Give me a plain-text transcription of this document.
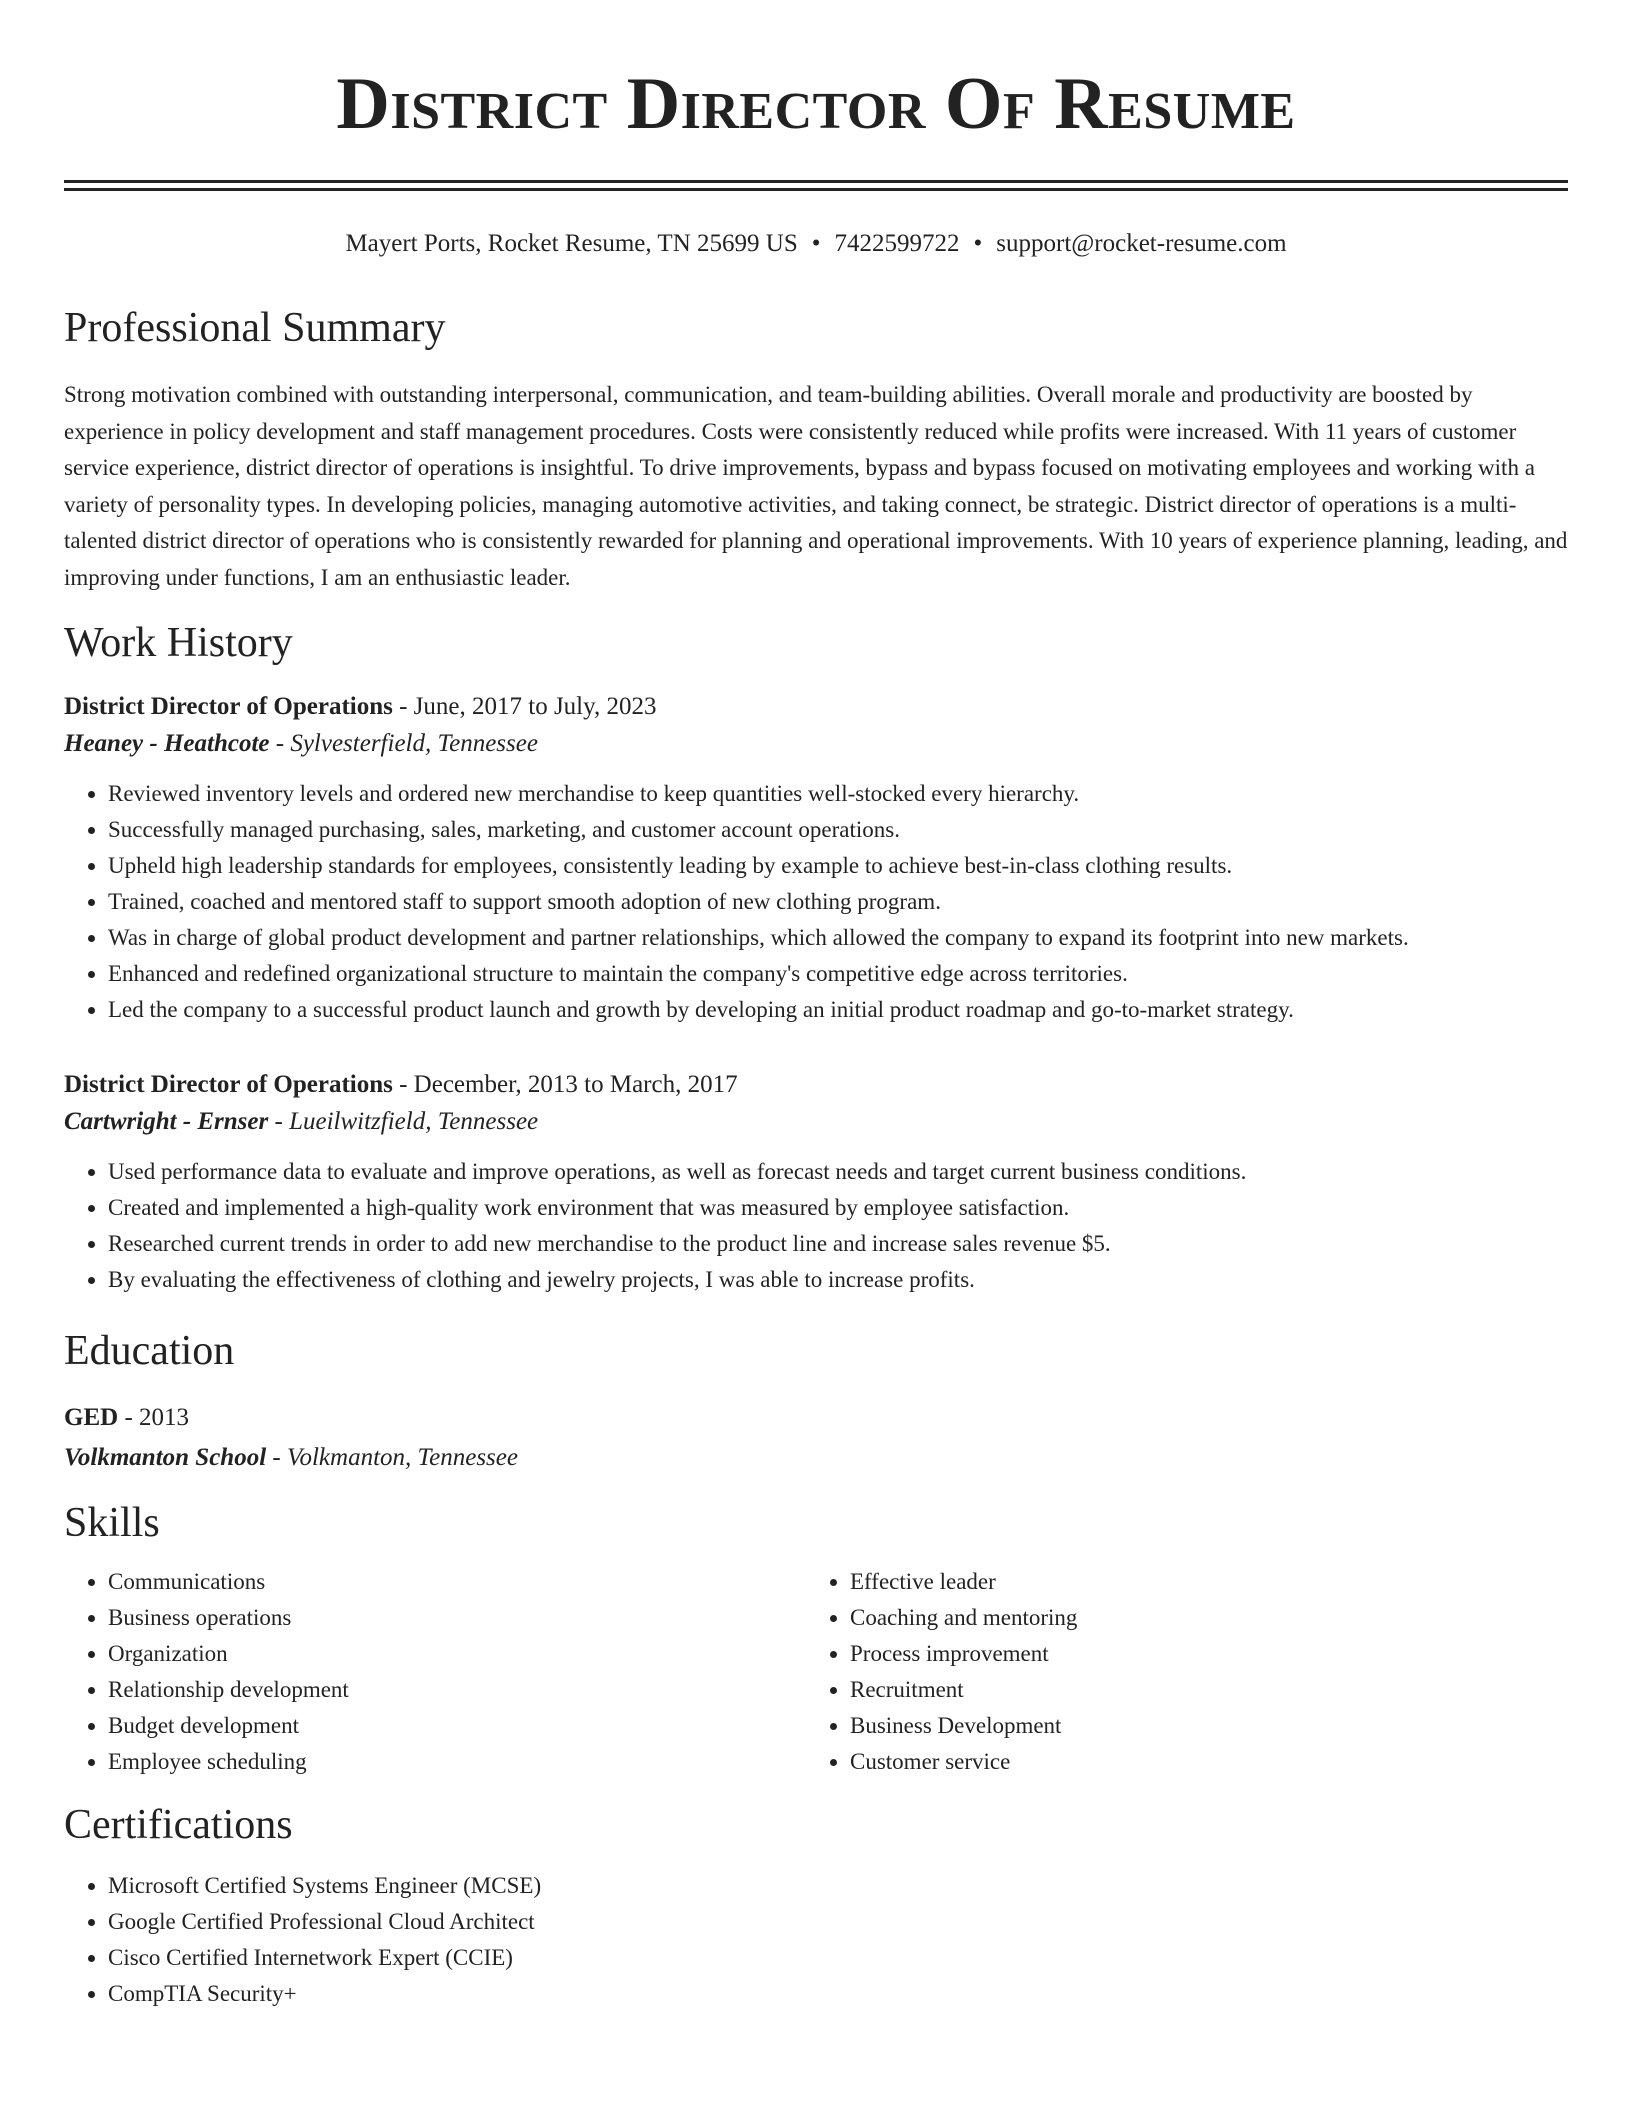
District Director Of Resume
Mayert Ports, Rocket Resume, TN 25699 US • 7422599722 • support@rocket-resume.com
Professional Summary
Strong motivation combined with outstanding interpersonal, communication, and team-building abilities. Overall morale and productivity are boosted by experience in policy development and staff management procedures. Costs were consistently reduced while profits were increased. With 11 years of customer service experience, district director of operations is insightful. To drive improvements, bypass and bypass focused on motivating employees and working with a variety of personality types. In developing policies, managing automotive activities, and taking connect, be strategic. District director of operations is a multi-talented district director of operations who is consistently rewarded for planning and operational improvements. With 10 years of experience planning, leading, and improving under functions, I am an enthusiastic leader.
Work History
District Director of Operations - June, 2017 to July, 2023
Heaney - Heathcote - Sylvesterfield, Tennessee
• Reviewed inventory levels and ordered new merchandise to keep quantities well-stocked every hierarchy.
• Successfully managed purchasing, sales, marketing, and customer account operations.
• Upheld high leadership standards for employees, consistently leading by example to achieve best-in-class clothing results.
• Trained, coached and mentored staff to support smooth adoption of new clothing program.
• Was in charge of global product development and partner relationships, which allowed the company to expand its footprint into new markets.
• Enhanced and redefined organizational structure to maintain the company's competitive edge across territories.
• Led the company to a successful product launch and growth by developing an initial product roadmap and go-to-market strategy.
District Director of Operations - December, 2013 to March, 2017
Cartwright - Ernser - Lueilwitzfield, Tennessee
• Used performance data to evaluate and improve operations, as well as forecast needs and target current business conditions.
• Created and implemented a high-quality work environment that was measured by employee satisfaction.
• Researched current trends in order to add new merchandise to the product line and increase sales revenue $5.
• By evaluating the effectiveness of clothing and jewelry projects, I was able to increase profits.
Education
GED - 2013
Volkmanton School - Volkmanton, Tennessee
Skills
• Communications
• Business operations
• Organization
• Relationship development
• Budget development
• Employee scheduling
• Effective leader
• Coaching and mentoring
• Process improvement
• Recruitment
• Business Development
• Customer service
Certifications
• Microsoft Certified Systems Engineer (MCSE)
• Google Certified Professional Cloud Architect
• Cisco Certified Internetwork Expert (CCIE)
• CompTIA Security+
